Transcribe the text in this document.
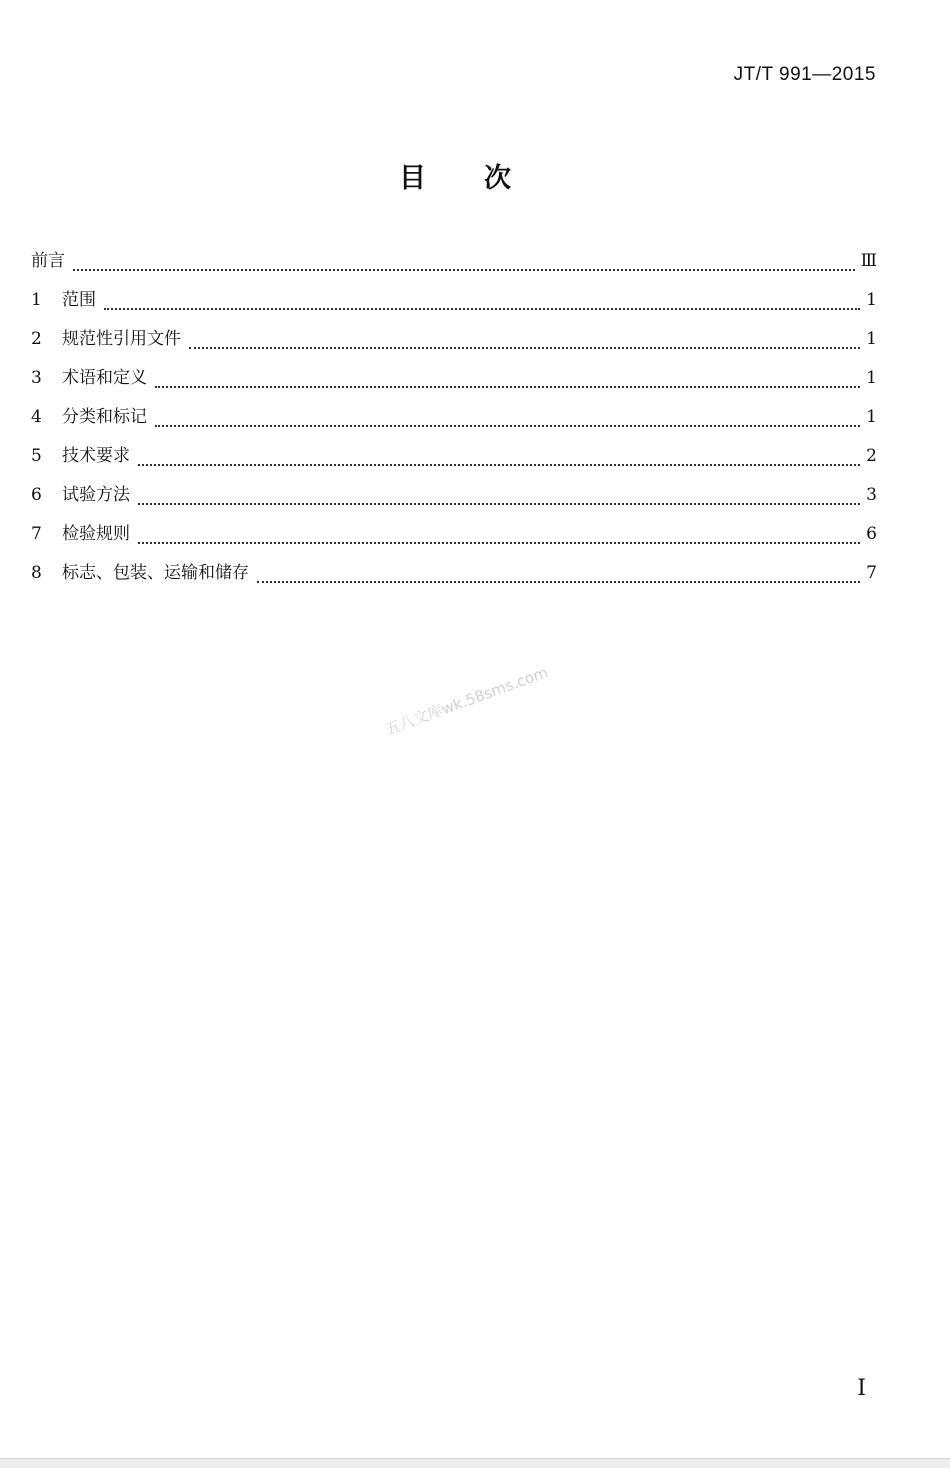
JT/T 991—2015
目次
前言	Ⅲ
1	范围	1
2	规范性引用文件	1
3	术语和定义	1
4	分类和标记	1
5	技术要求	2
6	试验方法	3
7	检验规则	6
8	标志、包装、运输和储存	7
五八文库wk.58sms.com
I
